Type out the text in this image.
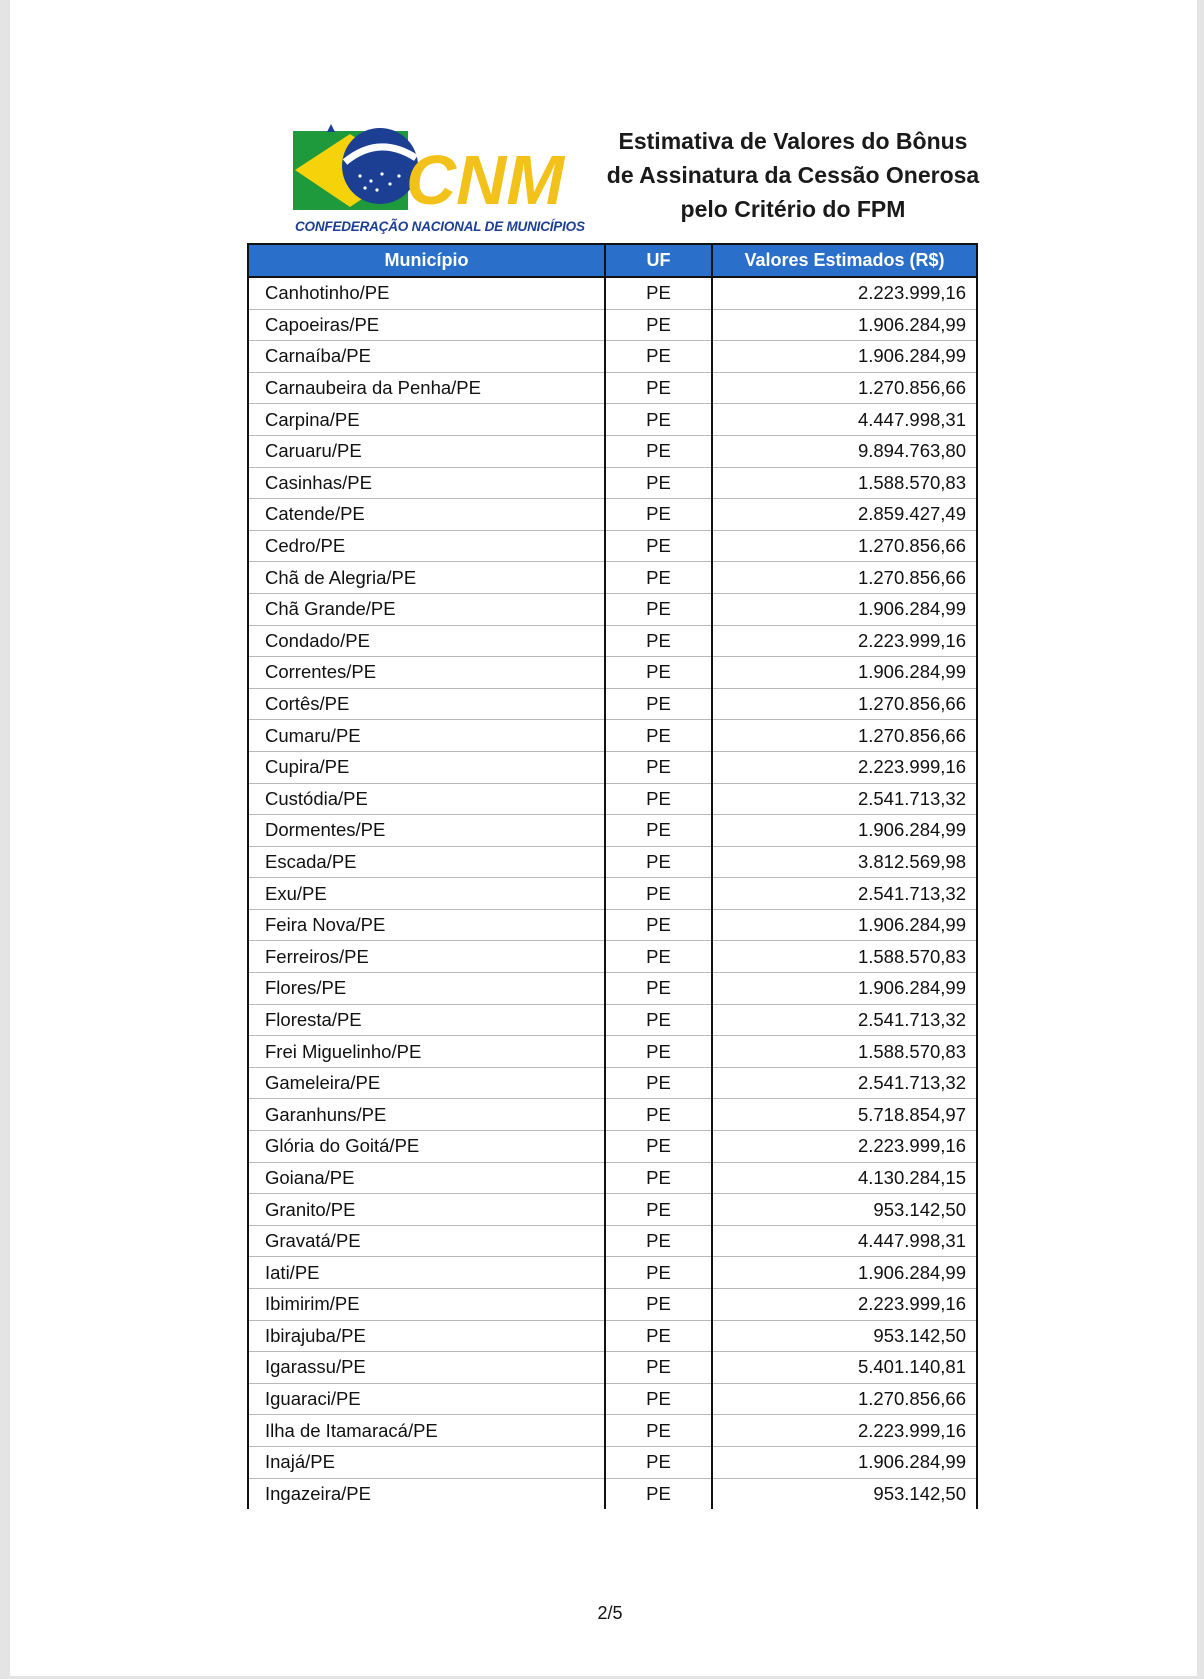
CNM
CONFEDERAÇÃO NACIONAL DE MUNICÍPIOS
Estimativa de Valores do Bônus
de Assinatura da Cessão Onerosa
pelo Critério do FPM
Município	UF	Valores Estimados (R$)
Canhotinho/PE	PE	2.223.999,16
Capoeiras/PE	PE	1.906.284,99
Carnaíba/PE	PE	1.906.284,99
Carnaubeira da Penha/PE	PE	1.270.856,66
Carpina/PE	PE	4.447.998,31
Caruaru/PE	PE	9.894.763,80
Casinhas/PE	PE	1.588.570,83
Catende/PE	PE	2.859.427,49
Cedro/PE	PE	1.270.856,66
Chã de Alegria/PE	PE	1.270.856,66
Chã Grande/PE	PE	1.906.284,99
Condado/PE	PE	2.223.999,16
Correntes/PE	PE	1.906.284,99
Cortês/PE	PE	1.270.856,66
Cumaru/PE	PE	1.270.856,66
Cupira/PE	PE	2.223.999,16
Custódia/PE	PE	2.541.713,32
Dormentes/PE	PE	1.906.284,99
Escada/PE	PE	3.812.569,98
Exu/PE	PE	2.541.713,32
Feira Nova/PE	PE	1.906.284,99
Ferreiros/PE	PE	1.588.570,83
Flores/PE	PE	1.906.284,99
Floresta/PE	PE	2.541.713,32
Frei Miguelinho/PE	PE	1.588.570,83
Gameleira/PE	PE	2.541.713,32
Garanhuns/PE	PE	5.718.854,97
Glória do Goitá/PE	PE	2.223.999,16
Goiana/PE	PE	4.130.284,15
Granito/PE	PE	953.142,50
Gravatá/PE	PE	4.447.998,31
Iati/PE	PE	1.906.284,99
Ibimirim/PE	PE	2.223.999,16
Ibirajuba/PE	PE	953.142,50
Igarassu/PE	PE	5.401.140,81
Iguaraci/PE	PE	1.270.856,66
Ilha de Itamaracá/PE	PE	2.223.999,16
Inajá/PE	PE	1.906.284,99
Ingazeira/PE	PE	953.142,50
2/5
